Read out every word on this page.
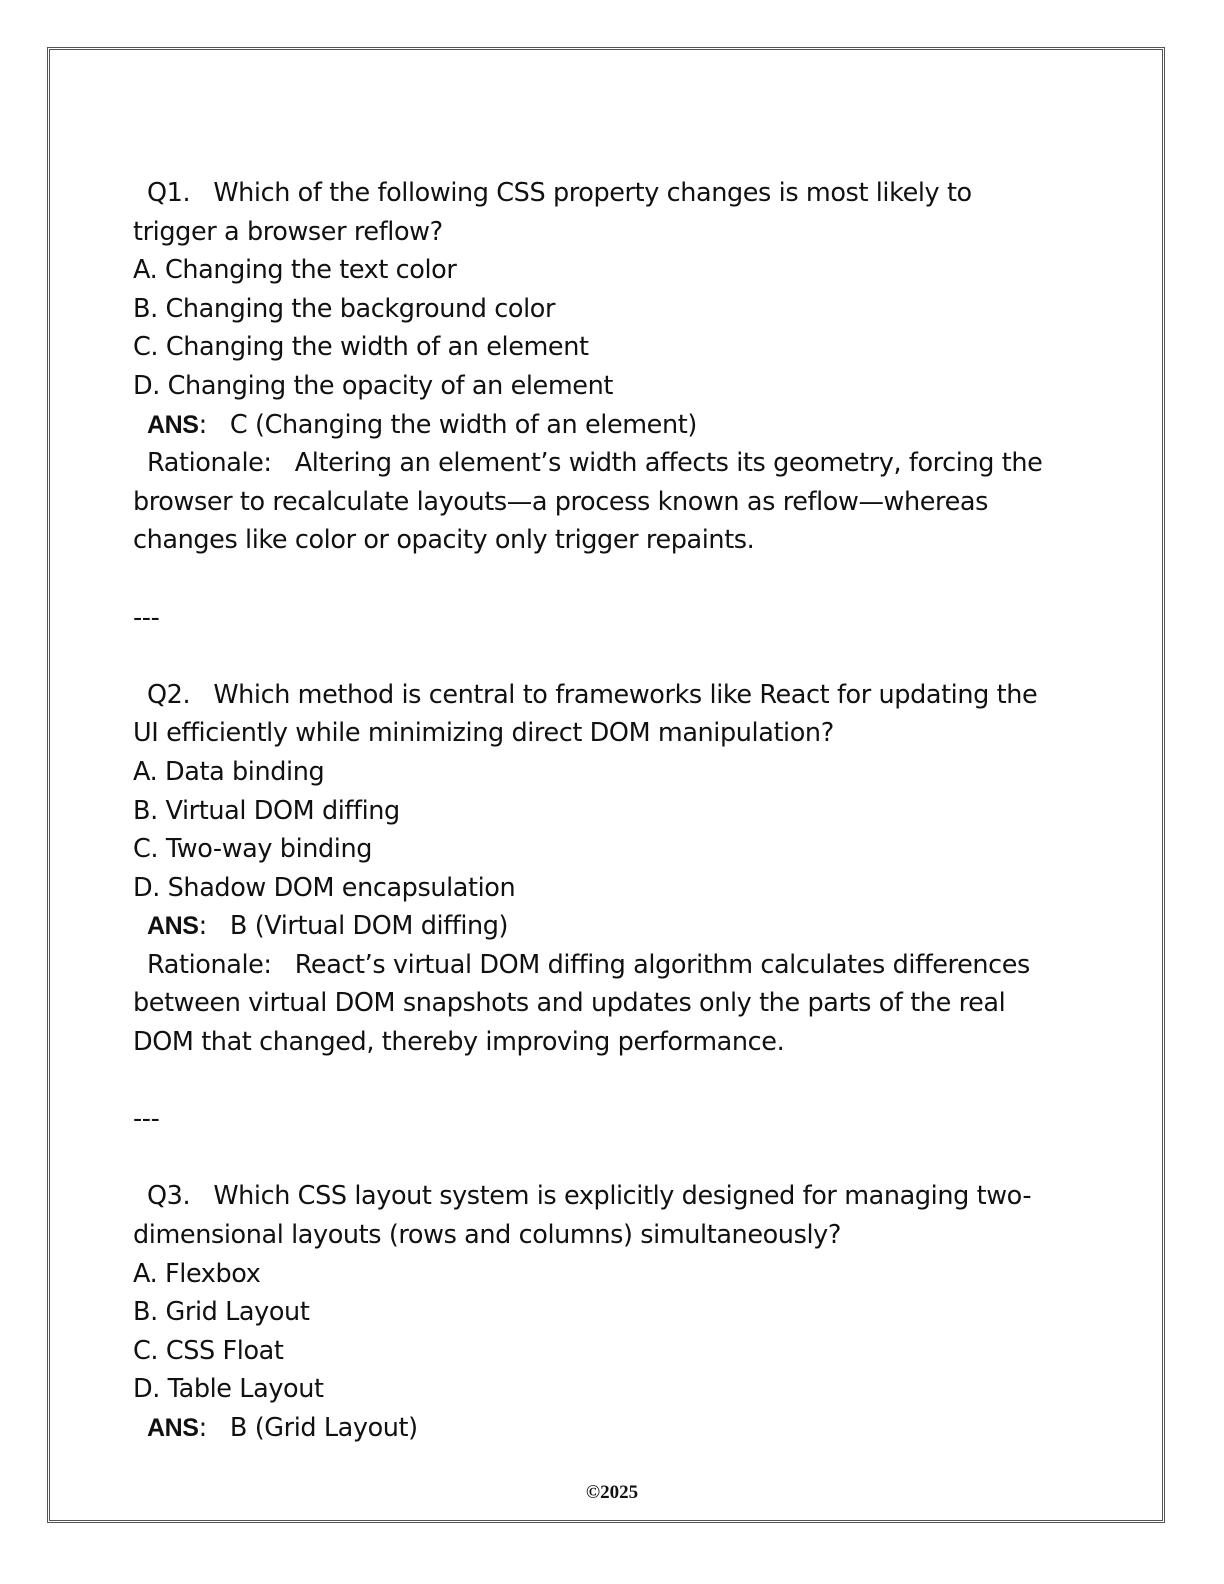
Q1. Which of the following CSS property changes is most likely to

trigger a browser reflow?

A. Changing the text color

B. Changing the background color

C. Changing the width of an element

D. Changing the opacity of an element

ANS:   C (Changing the width of an element)

Rationale: Altering an element’s width affects its geometry, forcing the

browser to recalculate layouts—a process known as reflow—whereas

changes like color or opacity only trigger repaints.

---

Q2. Which method is central to frameworks like React for updating the

UI efficiently while minimizing direct DOM manipulation?

A. Data binding

B. Virtual DOM diffing

C. Two-way binding

D. Shadow DOM encapsulation

ANS:   B (Virtual DOM diffing)

Rationale: React’s virtual DOM diffing algorithm calculates differences

between virtual DOM snapshots and updates only the parts of the real

DOM that changed, thereby improving performance.

---

Q3. Which CSS layout system is explicitly designed for managing two-

dimensional layouts (rows and columns) simultaneously?

A. Flexbox

B. Grid Layout

C. CSS Float

D. Table Layout

ANS:   B (Grid Layout)

©2025
